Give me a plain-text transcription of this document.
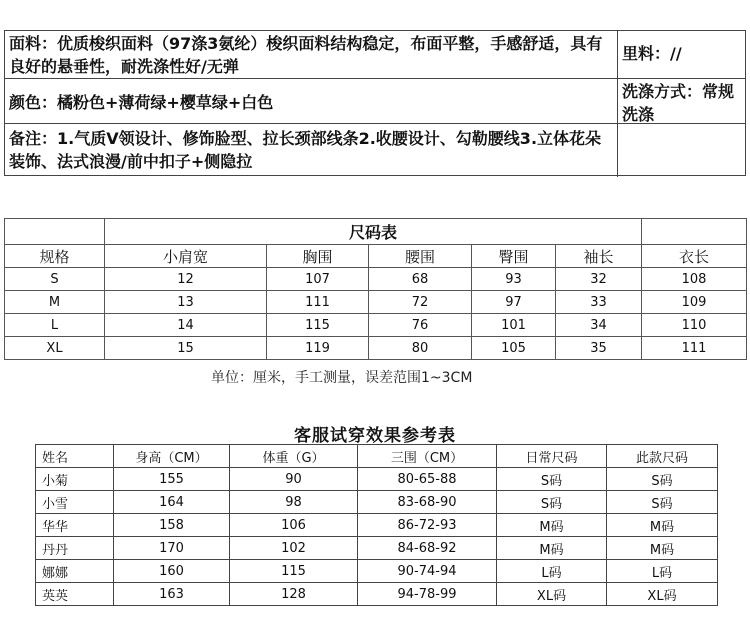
面料：优质梭织面料（97涤3氨纶）梭织面料结构稳定，布面平整，手感舒适，具有良好的悬垂性，耐洗涤性好/无弹
里料：//
颜色：橘粉色+薄荷绿+樱草绿+白色
洗涤方式：常规洗涤
备注：1.气质V领设计、修饰脸型、拉长颈部线条2.收腰设计、勾勒腰线3.立体花朵装饰、法式浪漫/前中扣子+侧隐拉
	尺码表					
规格	小肩宽	胸围	腰围	臀围	袖长	衣长
S	12	107	68	93	32	108
M	13	111	72	97	33	109
L	14	115	76	101	34	110
XL	15	119	80	105	35	111
单位：厘米，手工测量，误差范围1~3CM
客服试穿效果参考表
姓名	身高（CM）	体重（G）	三围（CM）	日常尺码	此款尺码
小菊	155	90	80-65-88	S码	S码
小雪	164	98	83-68-90	S码	S码
华华	158	106	86-72-93	M码	M码
丹丹	170	102	84-68-92	M码	M码
娜娜	160	115	90-74-94	L码	L码
英英	163	128	94-78-99	XL码	XL码
